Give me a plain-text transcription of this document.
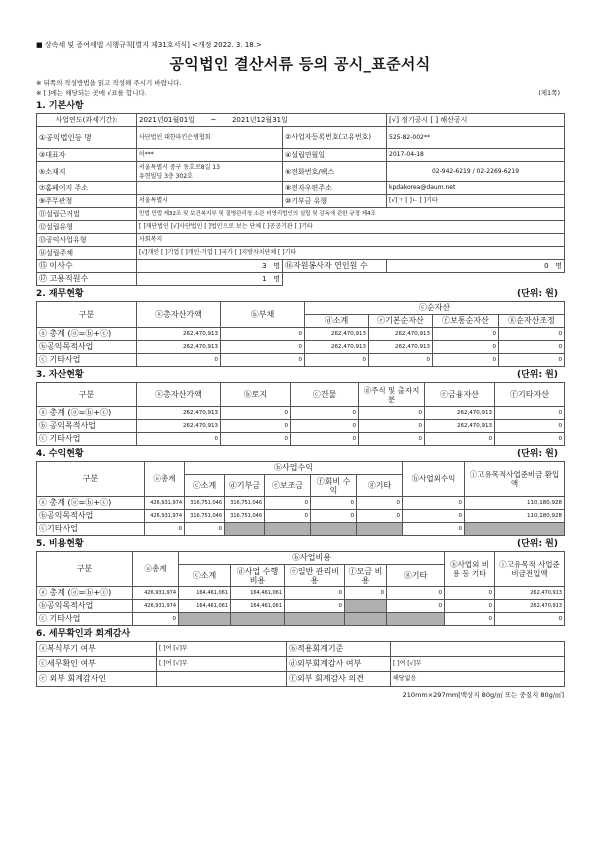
■ 상속세 및 증여세법 시행규칙[별지 제31호서식] <개정 2022. 3. 18.>
공익법인 결산서류 등의 공시_표준서식
※ 뒤쪽의 작성방법을 읽고 작성해 주시기 바랍니다.
※ [ ]에는 해당되는 곳에 √표를 합니다.	(제1쪽)
1. 기본사항
사업연도(과세기간):	2021년01월01일 ~ 2021년12월31일		[√] 정기공시 [ ] 해산공시
①공익법인등 명	사단법인 대한파킨슨병협회	②사업자등록번호(고유번호)	525-82-002**
③대표자	이***	④설립연월일	2017-04-18
⑤소재지	서울특별시 중구 동호로8길 13
유현빌딩 3층 302호	⑥전화번호/팩스	02-942-6219 / 02-2269-6219
⑦홈페이지 주소		⑧전자우편주소	kpdakorea@daum.net
⑨주무관청	서울특별시	⑩기부금 유형	[√]ㄱ [ ]ㄴ [ ]기타
⑪설립근거법	민법 민법 제32조 및 보건복지부 및 질병관리청 소관 비영리법인의 설립 및 감독에 관한 규정 제4조		
⑫설립유형	[ ]재단법인 [√]사단법인 [ ]법인으로 보는 단체 [ ]공공기관 [ ]기타		
⑬공익사업유형	사회복지		
⑭설립주체	[√]개인 [ ]기업 [ ]개인·기업 [ ]국가 [ ]지방자치단체 [ ]기타		
⑮ 이사수	3 명	⑯자원봉사자 연인원 수	0 명
⑰ 고용직원수	1 명		
2. 재무현황	(단위: 원)
구분	ⓐ총자산가액	ⓑ부채	ⓒ순자산			
			ⓓ소계	ⓔ기본순자산	ⓕ보통순자산	ⓖ순자산조정
ⓐ 총계 (ⓐ=ⓑ+ⓒ)	262,470,913	0	262,470,913	262,470,913	0	0
ⓑ공익목적사업	262,470,913	0	262,470,913	262,470,913	0	0
ⓒ 기타사업	0	0	0	0	0	0
3. 자산현황	(단위: 원)
구분	ⓐ총자산가액	ⓑ토지	ⓒ건물	ⓓ주식 및 출자지분	ⓔ금융자산	ⓕ기타자산
ⓐ 총계 (ⓐ=ⓑ+ⓒ)	262,470,913	0	0	0	262,470,913	0
ⓑ 공익목적사업	262,470,913	0	0	0	262,470,913	0
ⓒ 기타사업	0	0	0	0	0	0
4. 수익현황	(단위: 원)
구분	ⓐ총계	ⓑ사업수익					ⓗ사업외수익	ⓘ고유목적사업준비금 환입액
		ⓒ소계	ⓓ기부금	ⓔ보조금	ⓕ회비 수익	ⓖ기타		
ⓐ 총계 (ⓐ=ⓑ+ⓒ)	426,931,974	316,751,046	316,751,046	0	0	0	0	110,180,928
ⓑ공익목적사업	426,931,974	316,751,046	316,751,046	0	0	0	0	110,180,928
ⓒ기타사업	0	0					0	
5. 비용현황	(단위: 원)
구분	ⓐ총계	ⓑ사업비용					ⓗ사업외 비용 등 기타	ⓘ고유목적 사업준비금전입액
		ⓒ소계	ⓓ사업 수행비용	ⓔ일반 관리비용	ⓕ모금 비용	ⓖ기타		
ⓐ 총계 (ⓐ=ⓑ+ⓒ)	426,931,974	164,461,061	164,461,061	0	0	0	0	262,470,913
ⓑ공익목적사업	426,931,974	164,461,061	164,461,061	0		0	0	262,470,913
ⓒ 기타사업	0						0	0
6. 세무확인과 회계감사
ⓐ복식부기 여부	[ ]여 [√]부	ⓑ적용회계기준	
ⓒ세무확인 여부	[ ]여 [√]부	ⓓ외부회계감사 여부	[ ]여 [√]부
ⓔ 외부 회계감사인		ⓕ외부 회계감사 의견	해당없음
210mm×297mm[백상지 80g/㎡ 또는 중질지 80g/㎡]
